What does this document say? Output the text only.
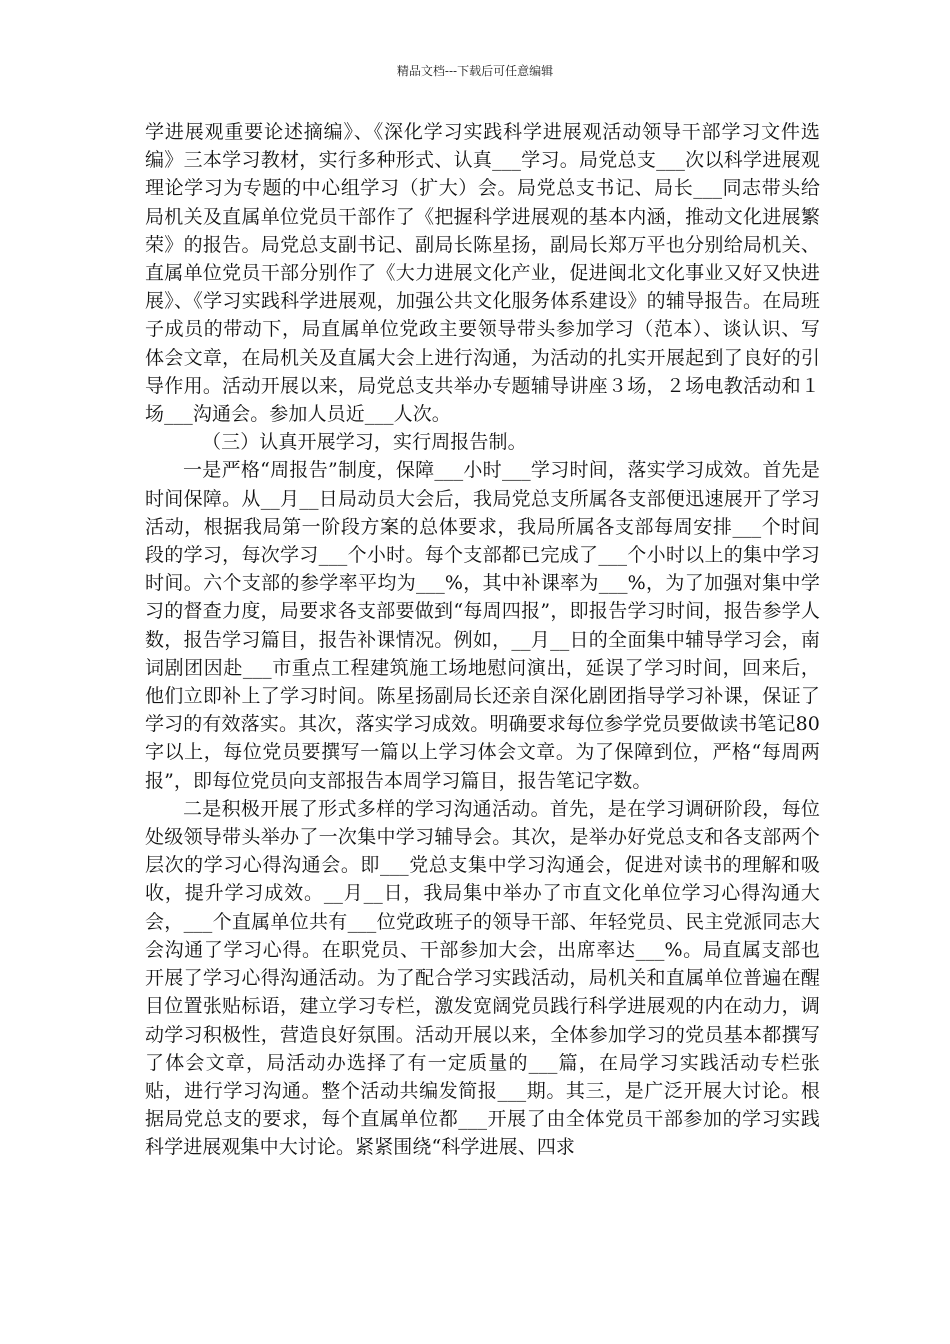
精品文档---下载后可任意编辑

学进展观重要论述摘编》、《深化学习实践科学进展观活动领导干部学习文件选编》三本学习教材，实行多种形式、认真___学习。局党总支___次以科学进展观理论学习为专题的中心组学习（扩大）会。局党总支书记、局长___同志带头给局机关及直属单位党员干部作了《把握科学进展观的基本内涵，推动文化进展繁荣》的报告。局党总支副书记、副局长陈星扬，副局长郑万平也分别给局机关、直属单位党员干部分别作了《大力进展文化产业，促进闽北文化事业又好又快进展》、《学习实践科学进展观，加强公共文化服务体系建设》的辅导报告。在局班子成员的带动下，局直属单位党政主要领导带头参加学习（范本）、谈认识、写体会文章，在局机关及直属大会上进行沟通，为活动的扎实开展起到了良好的引导作用。活动开展以来，局党总支共举办专题辅导讲座３场，２场电教活动和１场___沟通会。参加人员近___人次。

（三）认真开展学习，实行周报告制。

一是严格“周报告”制度，保障___小时___学习时间，落实学习成效。首先是时间保障。从__月__日局动员大会后，我局党总支所属各支部便迅速展开了学习活动，根据我局第一阶段方案的总体要求，我局所属各支部每周安排___个时间段的学习，每次学习___个小时。每个支部都已完成了___个小时以上的集中学习时间。六个支部的参学率平均为___%，其中补课率为___%，为了加强对集中学习的督查力度，局要求各支部要做到“每周四报”，即报告学习时间，报告参学人数，报告学习篇目，报告补课情况。例如，__月__日的全面集中辅导学习会，南词剧团因赴___市重点工程建筑施工场地慰问演出，延误了学习时间，回来后，他们立即补上了学习时间。陈星扬副局长还亲自深化剧团指导学习补课，保证了学习的有效落实。其次，落实学习成效。明确要求每位参学党员要做读书笔记80字以上，每位党员要撰写一篇以上学习体会文章。为了保障到位，严格“每周两报”，即每位党员向支部报告本周学习篇目，报告笔记字数。

二是积极开展了形式多样的学习沟通活动。首先，是在学习调研阶段，每位处级领导带头举办了一次集中学习辅导会。其次，是举办好党总支和各支部两个层次的学习心得沟通会。即___党总支集中学习沟通会，促进对读书的理解和吸收，提升学习成效。__月__日，我局集中举办了市直文化单位学习心得沟通大会，___个直属单位共有___位党政班子的领导干部、年轻党员、民主党派同志大会沟通了学习心得。在职党员、干部参加大会，出席率达___%。局直属支部也开展了学习心得沟通活动。为了配合学习实践活动，局机关和直属单位普遍在醒目位置张贴标语，建立学习专栏，激发宽阔党员践行科学进展观的内在动力，调动学习积极性，营造良好氛围。活动开展以来，全体参加学习的党员基本都撰写了体会文章，局活动办选择了有一定质量的___篇，在局学习实践活动专栏张贴，进行学习沟通。整个活动共编发简报___期。其三，是广泛开展大讨论。根据局党总支的要求，每个直属单位都___开展了由全体党员干部参加的学习实践科学进展观集中大讨论。紧紧围绕“科学进展、四求
